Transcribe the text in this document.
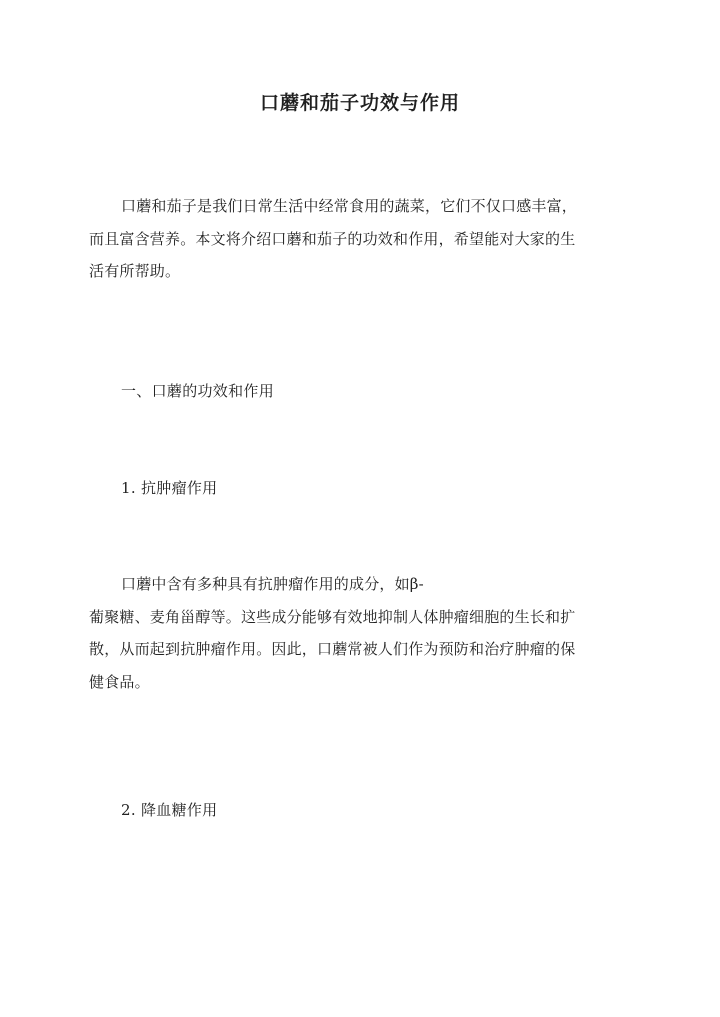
口蘑和茄子功效与作用
口蘑和茄子是我们日常生活中经常食用的蔬菜，它们不仅口感丰富，
而且富含营养。本文将介绍口蘑和茄子的功效和作用，希望能对大家的生
活有所帮助。
一、口蘑的功效和作用
1. 抗肿瘤作用
口蘑中含有多种具有抗肿瘤作用的成分，如β-
葡聚糖、麦角甾醇等。这些成分能够有效地抑制人体肿瘤细胞的生长和扩
散，从而起到抗肿瘤作用。因此，口蘑常被人们作为预防和治疗肿瘤的保
健食品。
2. 降血糖作用
